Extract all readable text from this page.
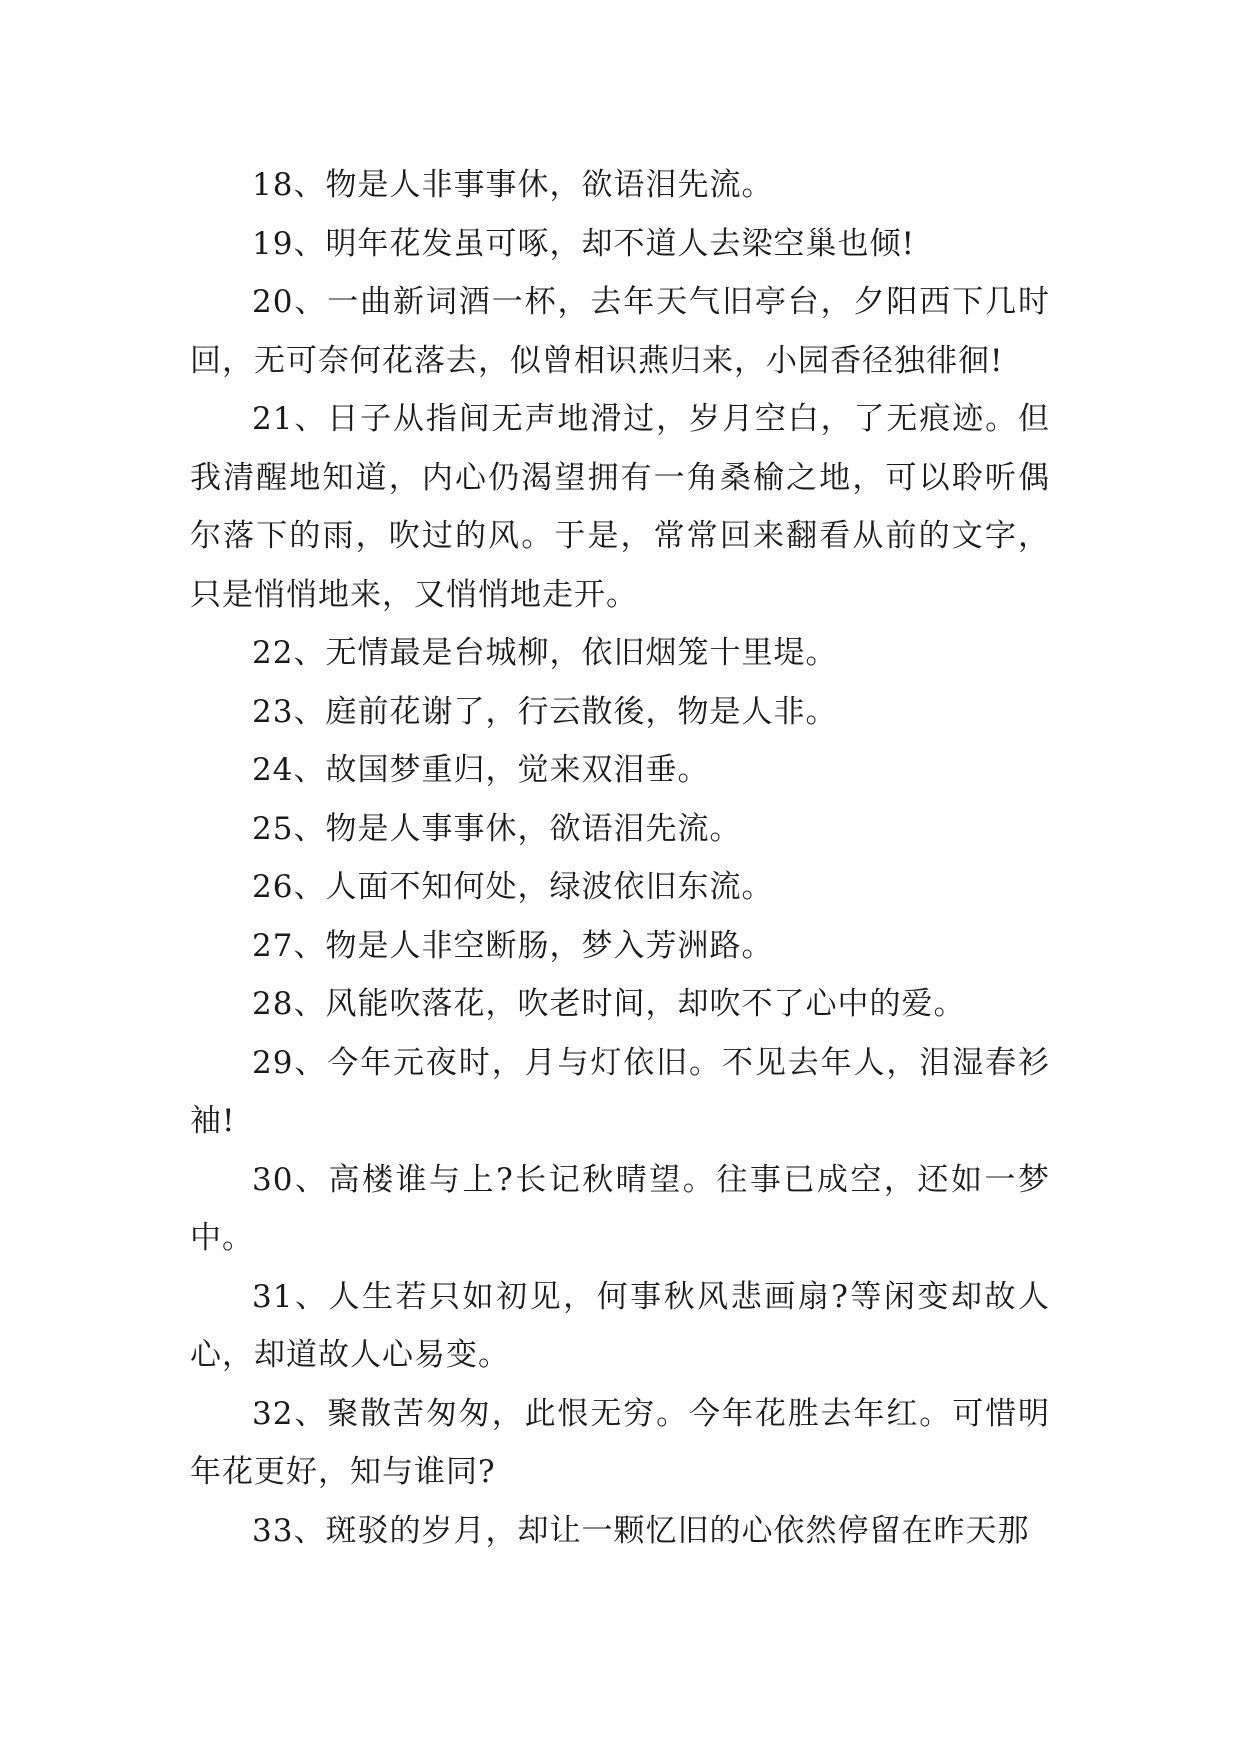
18、物是人非事事休，欲语泪先流。

19、明年花发虽可啄，却不道人去梁空巢也倾!

20、一曲新词酒一杯，去年天气旧亭台，夕阳西下几时回，无可奈何花落去，似曾相识燕归来，小园香径独徘徊!

21、日子从指间无声地滑过，岁月空白，了无痕迹。但我清醒地知道，内心仍渴望拥有一角桑榆之地，可以聆听偶尔落下的雨，吹过的风。于是，常常回来翻看从前的文字，只是悄悄地来，又悄悄地走开。

22、无情最是台城柳，依旧烟笼十里堤。

23、庭前花谢了，行云散後，物是人非。

24、故国梦重归，觉来双泪垂。

25、物是人事事休，欲语泪先流。

26、人面不知何处，绿波依旧东流。

27、物是人非空断肠，梦入芳洲路。

28、风能吹落花，吹老时间，却吹不了心中的爱。

29、今年元夜时，月与灯依旧。不见去年人，泪湿春衫袖!

30、高楼谁与上?长记秋晴望。往事已成空，还如一梦中。

31、人生若只如初见，何事秋风悲画扇?等闲变却故人心，却道故人心易变。

32、聚散苦匆匆，此恨无穷。今年花胜去年红。可惜明年花更好，知与谁同?

33、斑驳的岁月，却让一颗忆旧的心依然停留在昨天那
